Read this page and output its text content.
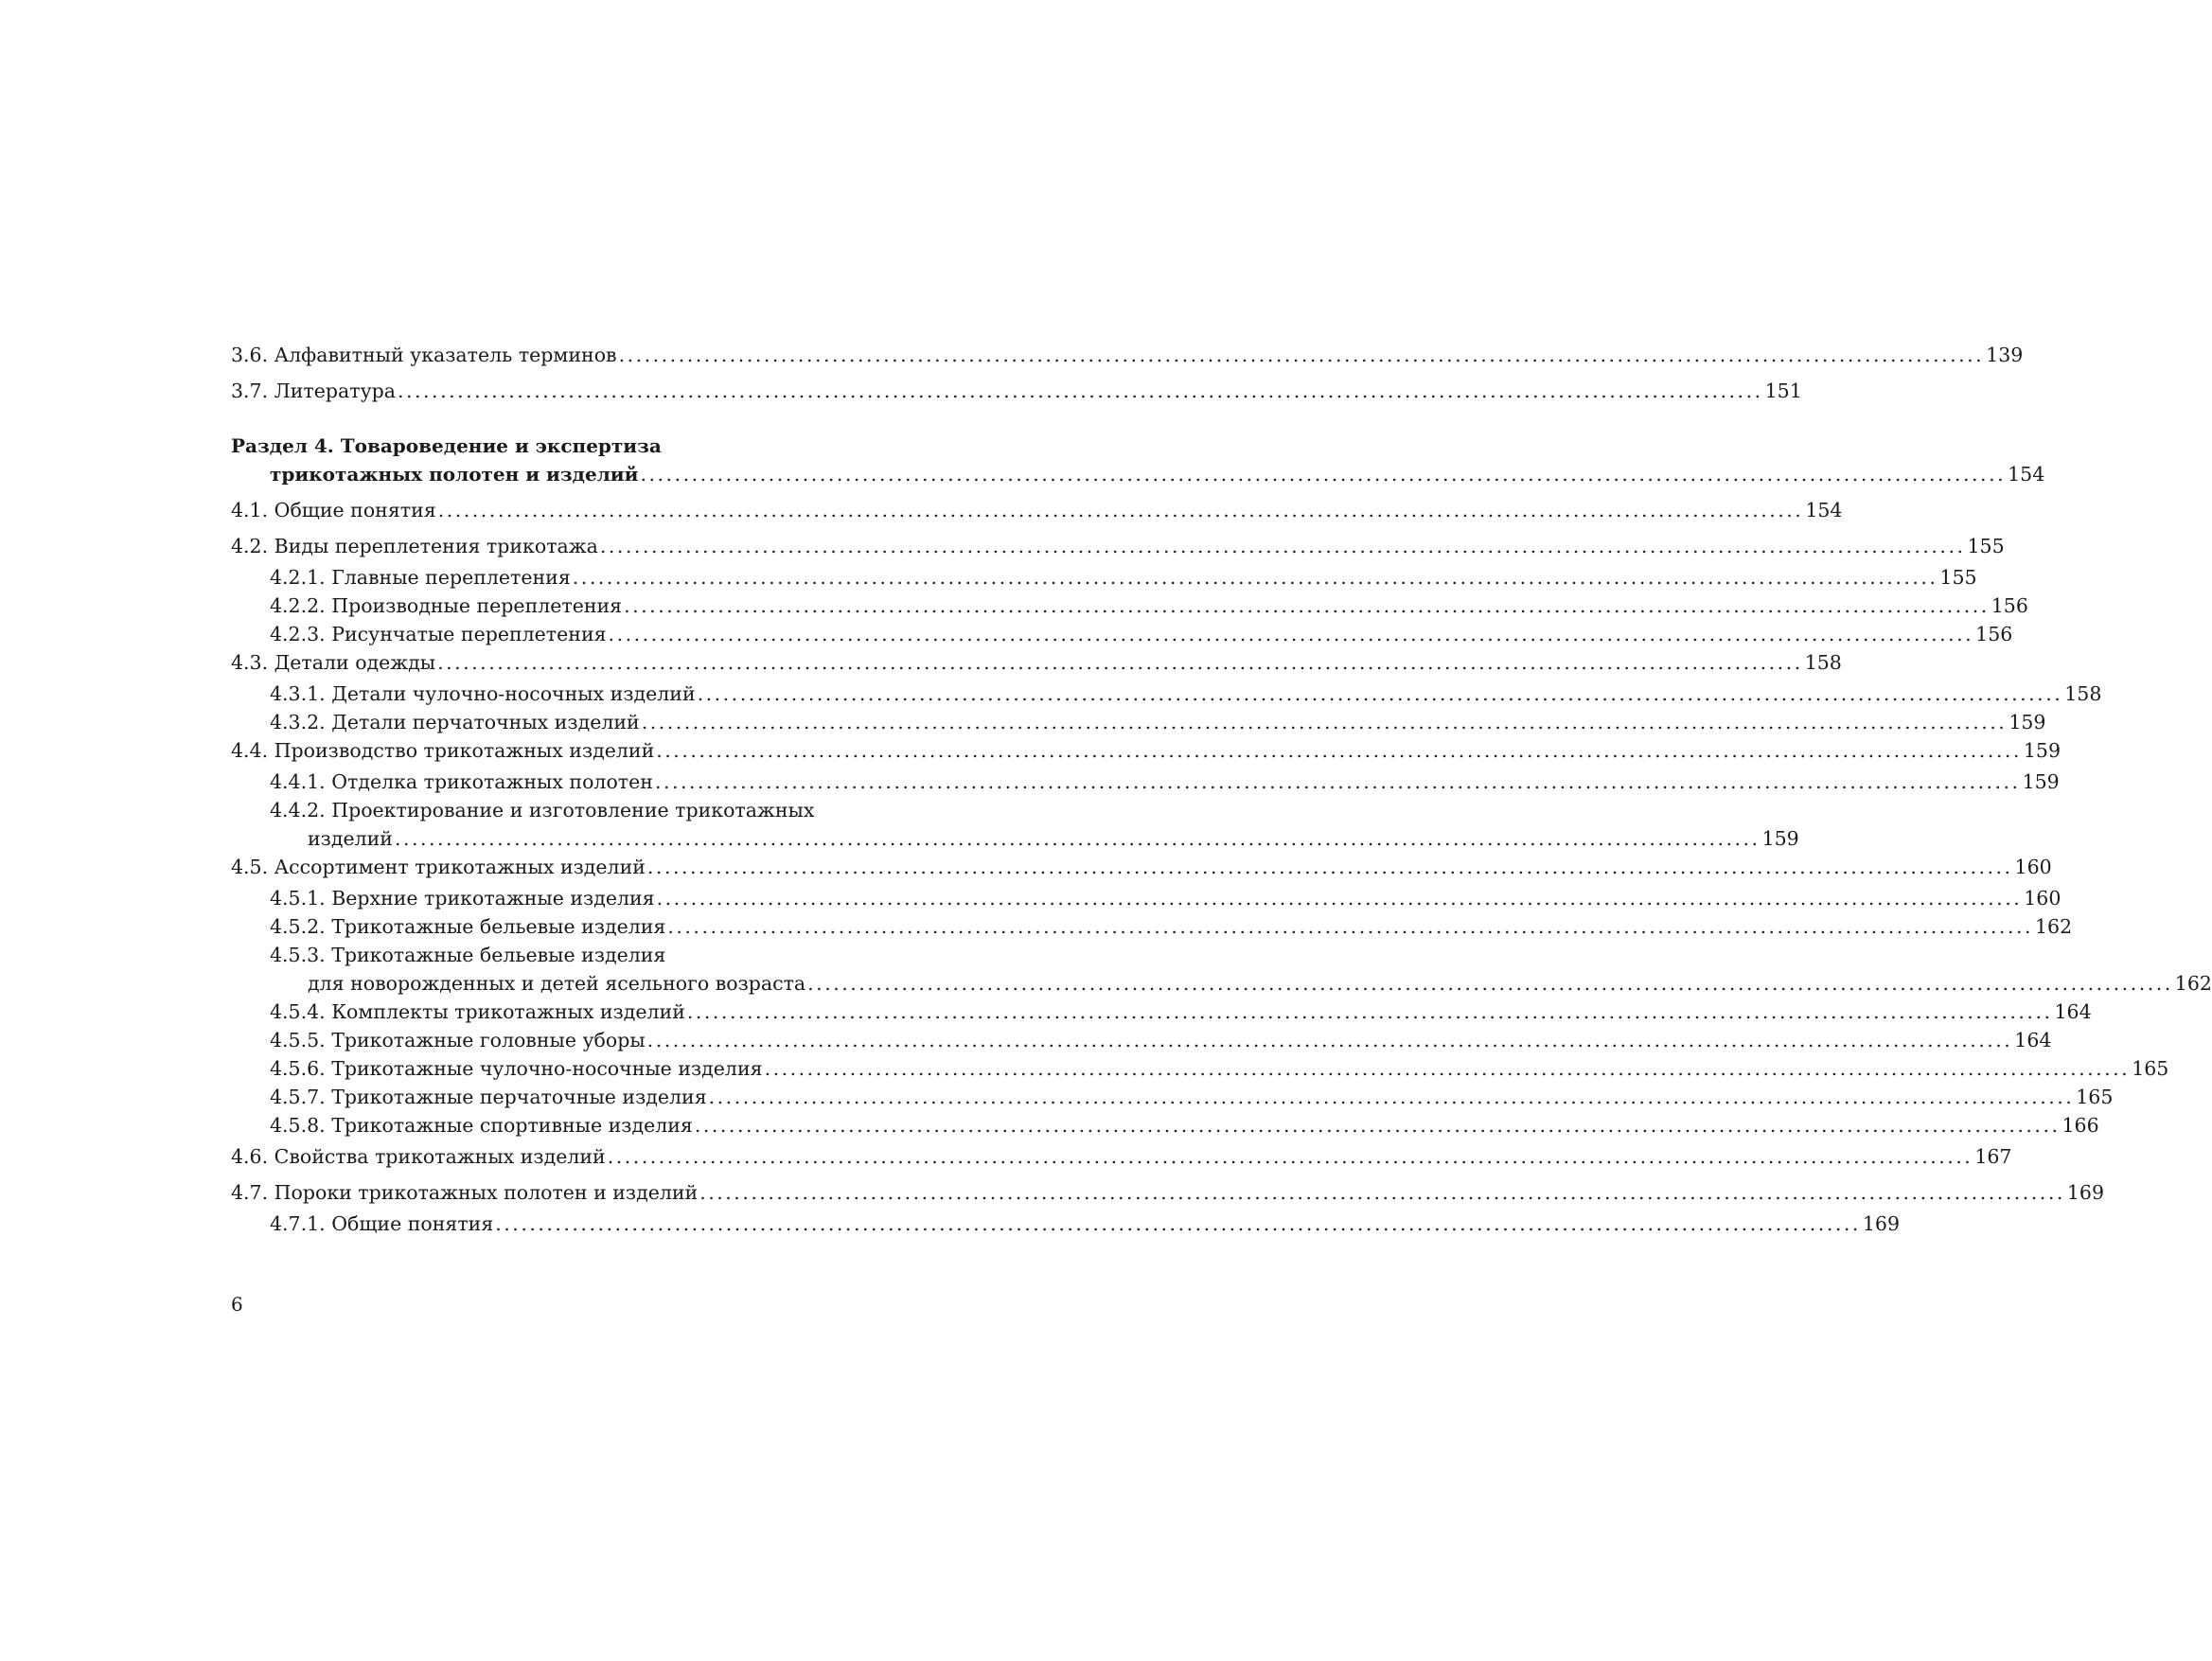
3.6. Алфавитный указатель терминов .....	139
3.7. Литература .....	151
Раздел 4. Товароведение и экспертиза
трикотажных полотен и изделий .....	154
4.1. Общие понятия .....	154
4.2. Виды переплетения трикотажа .....	155
4.2.1. Главные переплетения .....	155
4.2.2. Производные переплетения .....	156
4.2.3. Рисунчатые переплетения .....	156
4.3. Детали одежды .....	158
4.3.1. Детали чулочно-носочных изделий .....	158
4.3.2. Детали перчаточных изделий .....	159
4.4. Производство трикотажных изделий .....	159
4.4.1. Отделка трикотажных полотен .....	159
4.4.2. Проектирование и изготовление трикотажных
изделий .....	159
4.5. Ассортимент трикотажных изделий .....	160
4.5.1. Верхние трикотажные изделия .....	160
4.5.2. Трикотажные бельевые изделия .....	162
4.5.3. Трикотажные бельевые изделия
для новорожденных и детей ясельного возраста .....	162
4.5.4. Комплекты трикотажных изделий .....	164
4.5.5. Трикотажные головные уборы .....	164
4.5.6. Трикотажные чулочно-носочные изделия .....	165
4.5.7. Трикотажные перчаточные изделия .....	165
4.5.8. Трикотажные спортивные изделия .....	166
4.6. Свойства трикотажных изделий .....	167
4.7. Пороки трикотажных полотен и изделий .....	169
4.7.1. Общие понятия .....	169
6
